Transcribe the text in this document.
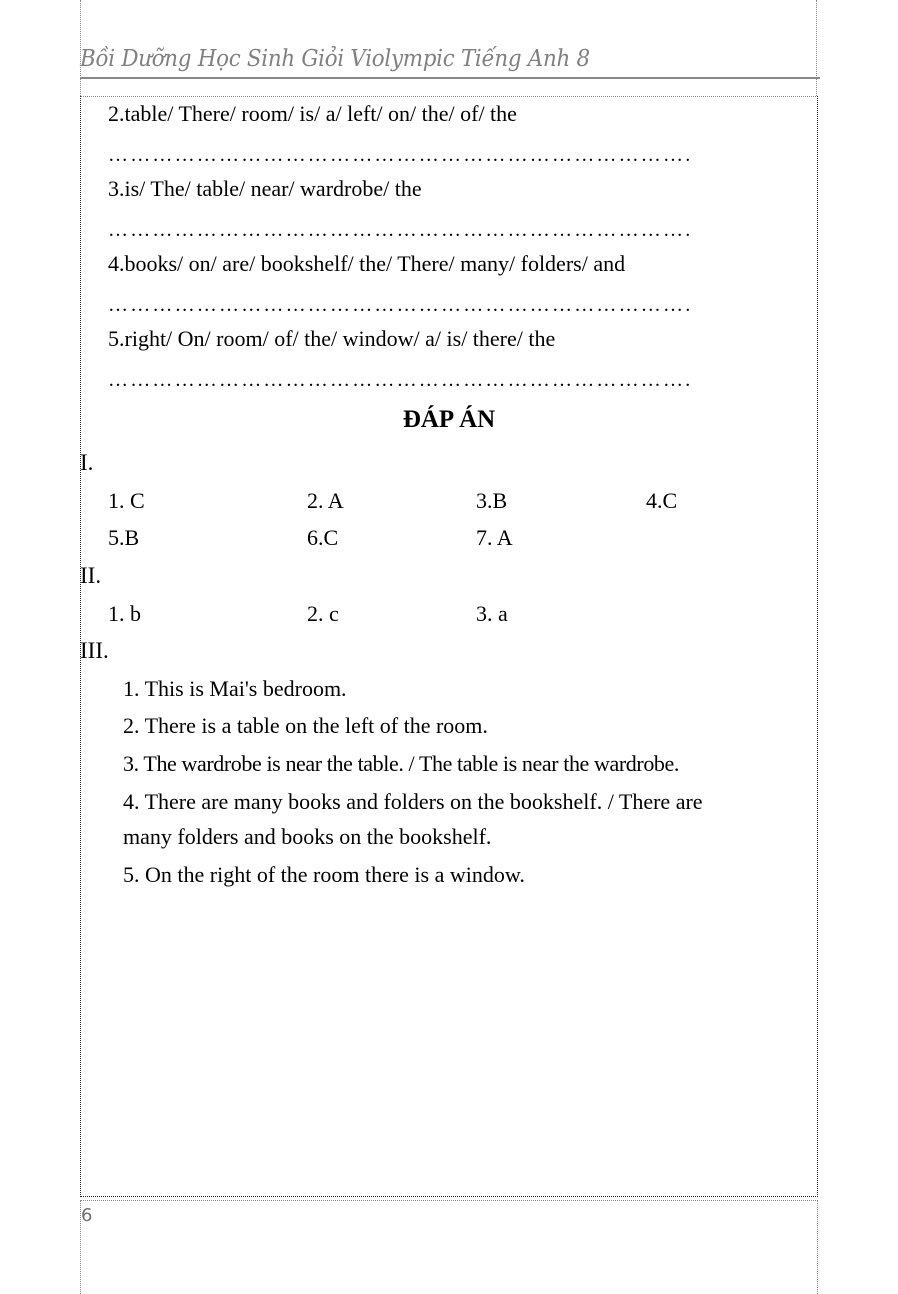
Bồi Dưỡng Học Sinh Giỏi Violympic Tiếng Anh 8
2.table/ There/ room/ is/ a/ left/ on/ the/ of/ the
…………………………………………………………………….
3.is/ The/ table/ near/ wardrobe/ the
…………………………………………………………………….
4.books/ on/ are/ bookshelf/ the/ There/ many/ folders/ and
…………………………………………………………………….
5.right/ On/ room/ of/ the/ window/ a/ is/ there/ the
…………………………………………………………………….
ĐÁP ÁN
I.
1. C	2. A	3.B	4.C
5.B	6.C	7. A
II.
1. b	2. c	3. a
III.
1. This is Mai's bedroom.
2. There is a table on the left of the room.
3. The wardrobe is near the table. / The table is near the wardrobe.
4. There are many books and folders on the bookshelf. / There are
many folders and books on the bookshelf.
5. On the right of the room there is a window.
6
